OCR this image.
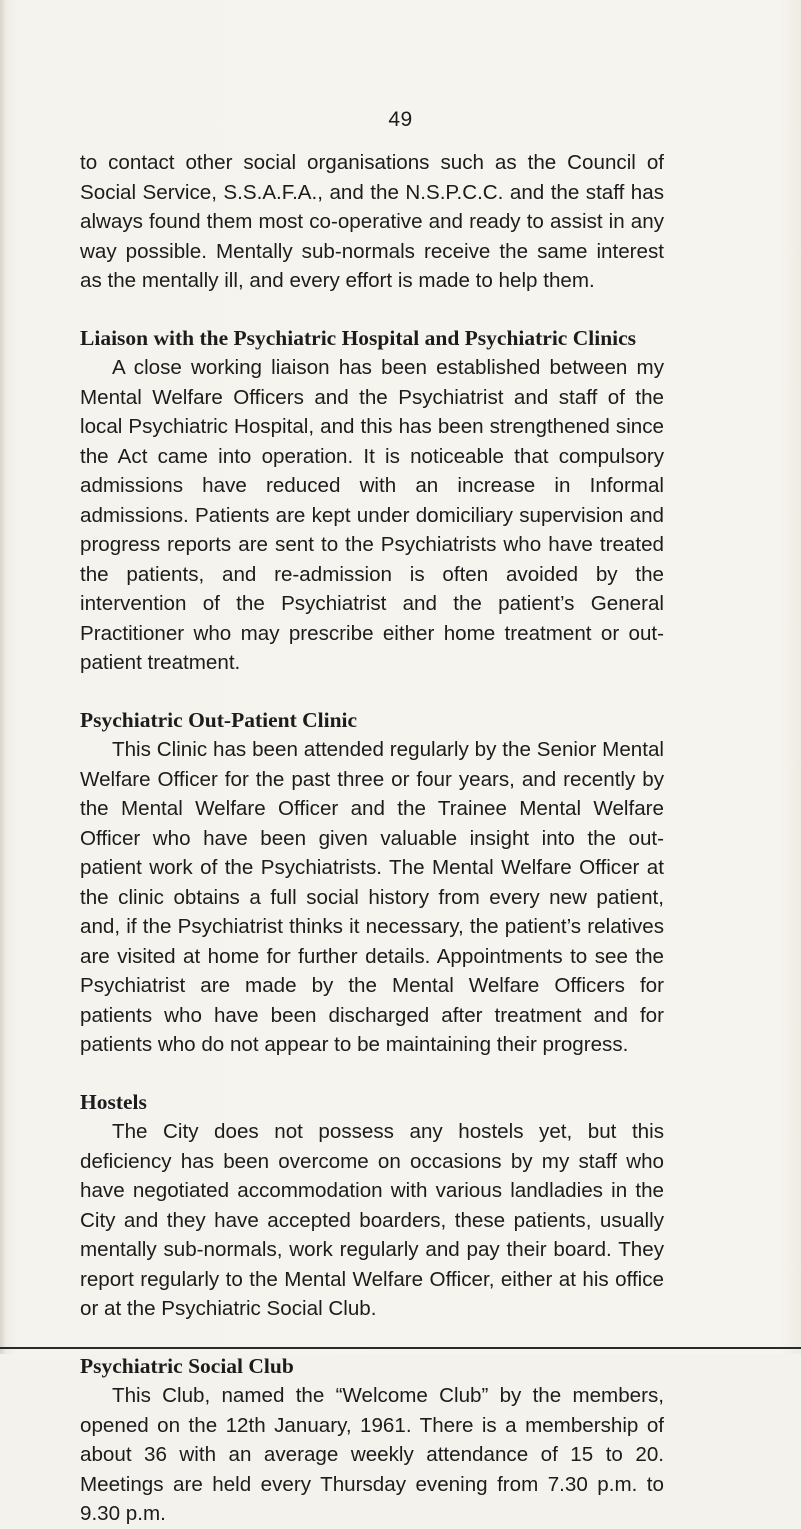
49

to contact other social organisations such as the Council of Social Service, S.S.A.F.A., and the N.S.P.C.C. and the staff has always found them most co-operative and ready to assist in any way possible. Mentally sub-normals receive the same interest as the mentally ill, and every effort is made to help them.

Liaison with the Psychiatric Hospital and Psychiatric Clinics

A close working liaison has been established between my Mental Welfare Officers and the Psychiatrist and staff of the local Psychiatric Hospital, and this has been strengthened since the Act came into operation. It is noticeable that compulsory admissions have reduced with an increase in Informal admissions. Patients are kept under domiciliary supervision and progress reports are sent to the Psychiatrists who have treated the patients, and re-admission is often avoided by the intervention of the Psychiatrist and the patient’s General Practitioner who may prescribe either home treatment or out-patient treatment.

Psychiatric Out-Patient Clinic

This Clinic has been attended regularly by the Senior Mental Welfare Officer for the past three or four years, and recently by the Mental Welfare Officer and the Trainee Mental Welfare Officer who have been given valuable insight into the out-patient work of the Psychiatrists. The Mental Welfare Officer at the clinic obtains a full social history from every new patient, and, if the Psychiatrist thinks it necessary, the patient’s relatives are visited at home for further details. Appointments to see the Psychiatrist are made by the Mental Welfare Officers for patients who have been discharged after treatment and for patients who do not appear to be maintaining their progress.

Hostels

The City does not possess any hostels yet, but this deficiency has been overcome on occasions by my staff who have negotiated accommodation with various landladies in the City and they have accepted boarders, these patients, usually mentally sub-normals, work regularly and pay their board. They report regularly to the Mental Welfare Officer, either at his office or at the Psychiatric Social Club.

Psychiatric Social Club

This Club, named the “Welcome Club” by the members, opened on the 12th January, 1961. There is a membership of about 36 with an average weekly attendance of 15 to 20. Meetings are held every Thursday evening from 7.30 p.m. to 9.30 p.m.
